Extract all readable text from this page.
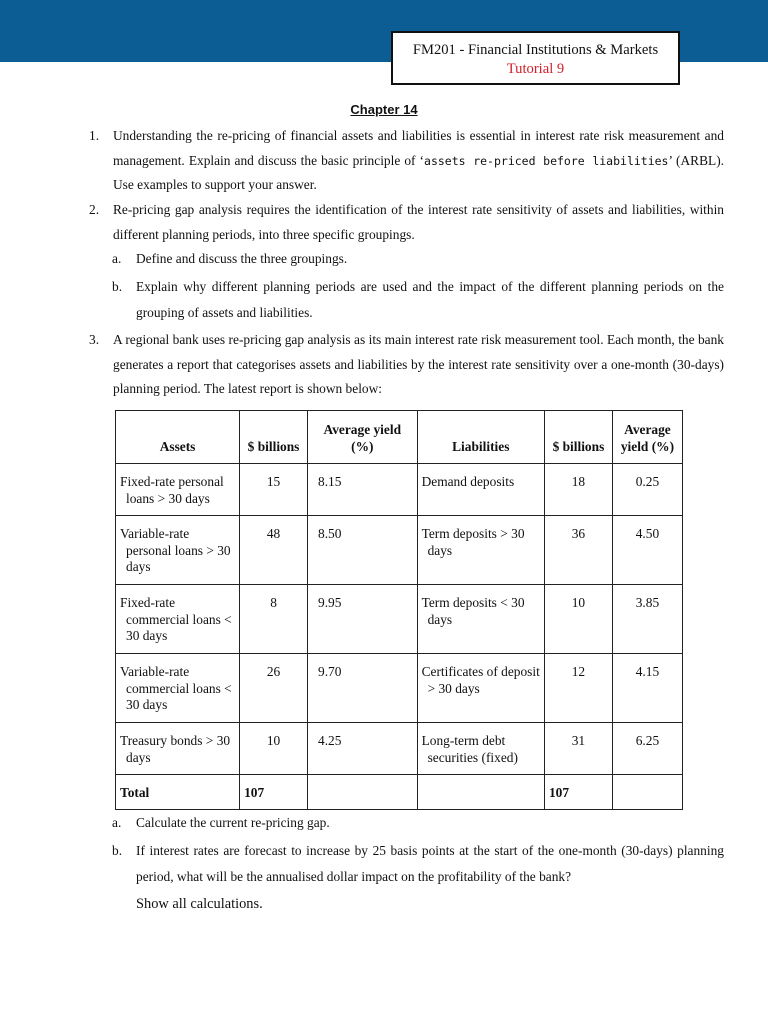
FM201 - Financial Institutions & Markets
Tutorial 9
Chapter 14
1.	Understanding the re-pricing of financial assets and liabilities is essential in interest rate risk measurement and management. Explain and discuss the basic principle of ‘assets re-priced before liabilities’ (ARBL). Use examples to support your answer.
2.	Re-pricing gap analysis requires the identification of the interest rate sensitivity of assets and liabilities, within different planning periods, into three specific groupings.
a. Define and discuss the three groupings.
b. Explain why different planning periods are used and the impact of the different planning periods on the grouping of assets and liabilities.
3.	A regional bank uses re-pricing gap analysis as its main interest rate risk measurement tool. Each month, the bank generates a report that categorises assets and liabilities by the interest rate sensitivity over a one-month (30-days) planning period. The latest report is shown below:
Assets	$ billions	Average yield (%)	Liabilities	$ billions	Average yield (%)
Fixed-rate personal loans > 30 days	15	8.15	Demand deposits	18	0.25
Variable-rate personal loans > 30 days	48	8.50	Term deposits > 30 days	36	4.50
Fixed-rate commercial loans < 30 days	8	9.95	Term deposits < 30 days	10	3.85
Variable-rate commercial loans < 30 days	26	9.70	Certificates of deposit > 30 days	12	4.15
Treasury bonds > 30 days	10	4.25	Long-term debt securities (fixed)	31	6.25
Total	107			107	
a. Calculate the current re-pricing gap.
b. If interest rates are forecast to increase by 25 basis points at the start of the one-month (30-days) planning period, what will be the annualised dollar impact on the profitability of the bank?
Show all calculations.
